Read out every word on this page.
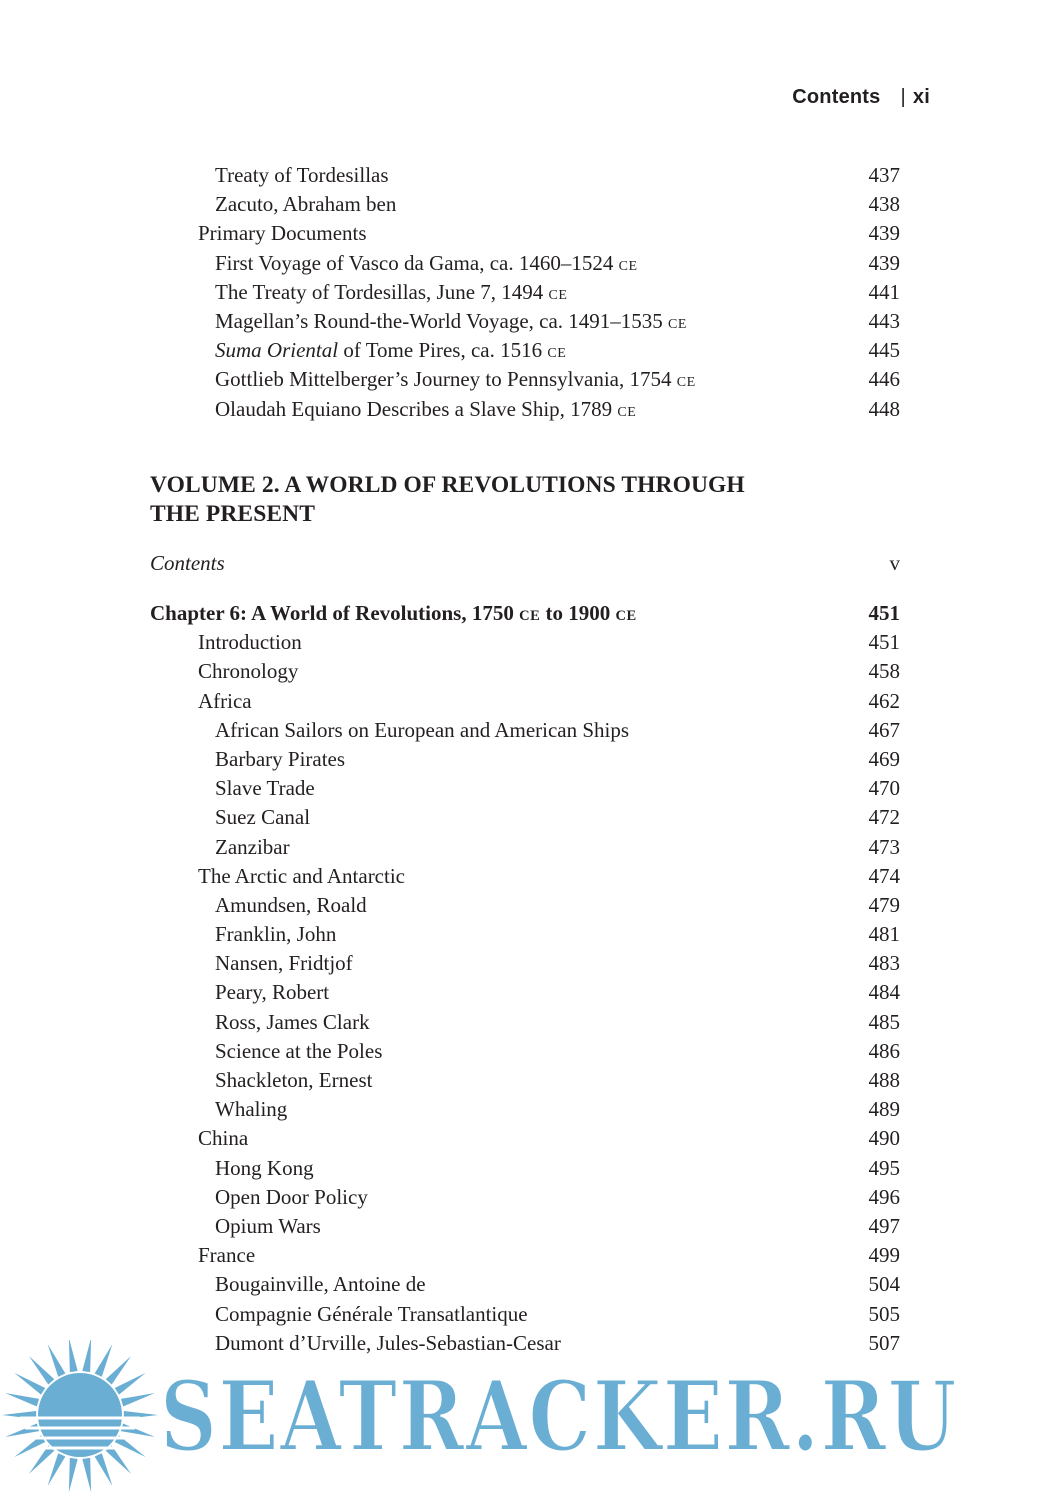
Contents | xi
Treaty of Tordesillas	437
Zacuto, Abraham ben	438
Primary Documents	439
First Voyage of Vasco da Gama, ca. 1460–1524 CE	439
The Treaty of Tordesillas, June 7, 1494 CE	441
Magellan’s Round-the-World Voyage, ca. 1491–1535 CE	443
Suma Oriental of Tome Pires, ca. 1516 CE	445
Gottlieb Mittelberger’s Journey to Pennsylvania, 1754 CE	446
Olaudah Equiano Describes a Slave Ship, 1789 CE	448
VOLUME 2. A WORLD OF REVOLUTIONS THROUGH
THE PRESENT
Contents	v
Chapter 6: A World of Revolutions, 1750 CE to 1900 CE	451
Introduction	451
Chronology	458
Africa	462
African Sailors on European and American Ships	467
Barbary Pirates	469
Slave Trade	470
Suez Canal	472
Zanzibar	473
The Arctic and Antarctic	474
Amundsen, Roald	479
Franklin, John	481
Nansen, Fridtjof	483
Peary, Robert	484
Ross, James Clark	485
Science at the Poles	486
Shackleton, Ernest	488
Whaling	489
China	490
Hong Kong	495
Open Door Policy	496
Opium Wars	497
France	499
Bougainville, Antoine de	504
Compagnie Générale Transatlantique	505
Dumont d’Urville, Jules-Sebastian-Cesar	507
SEATRACKER.RU
